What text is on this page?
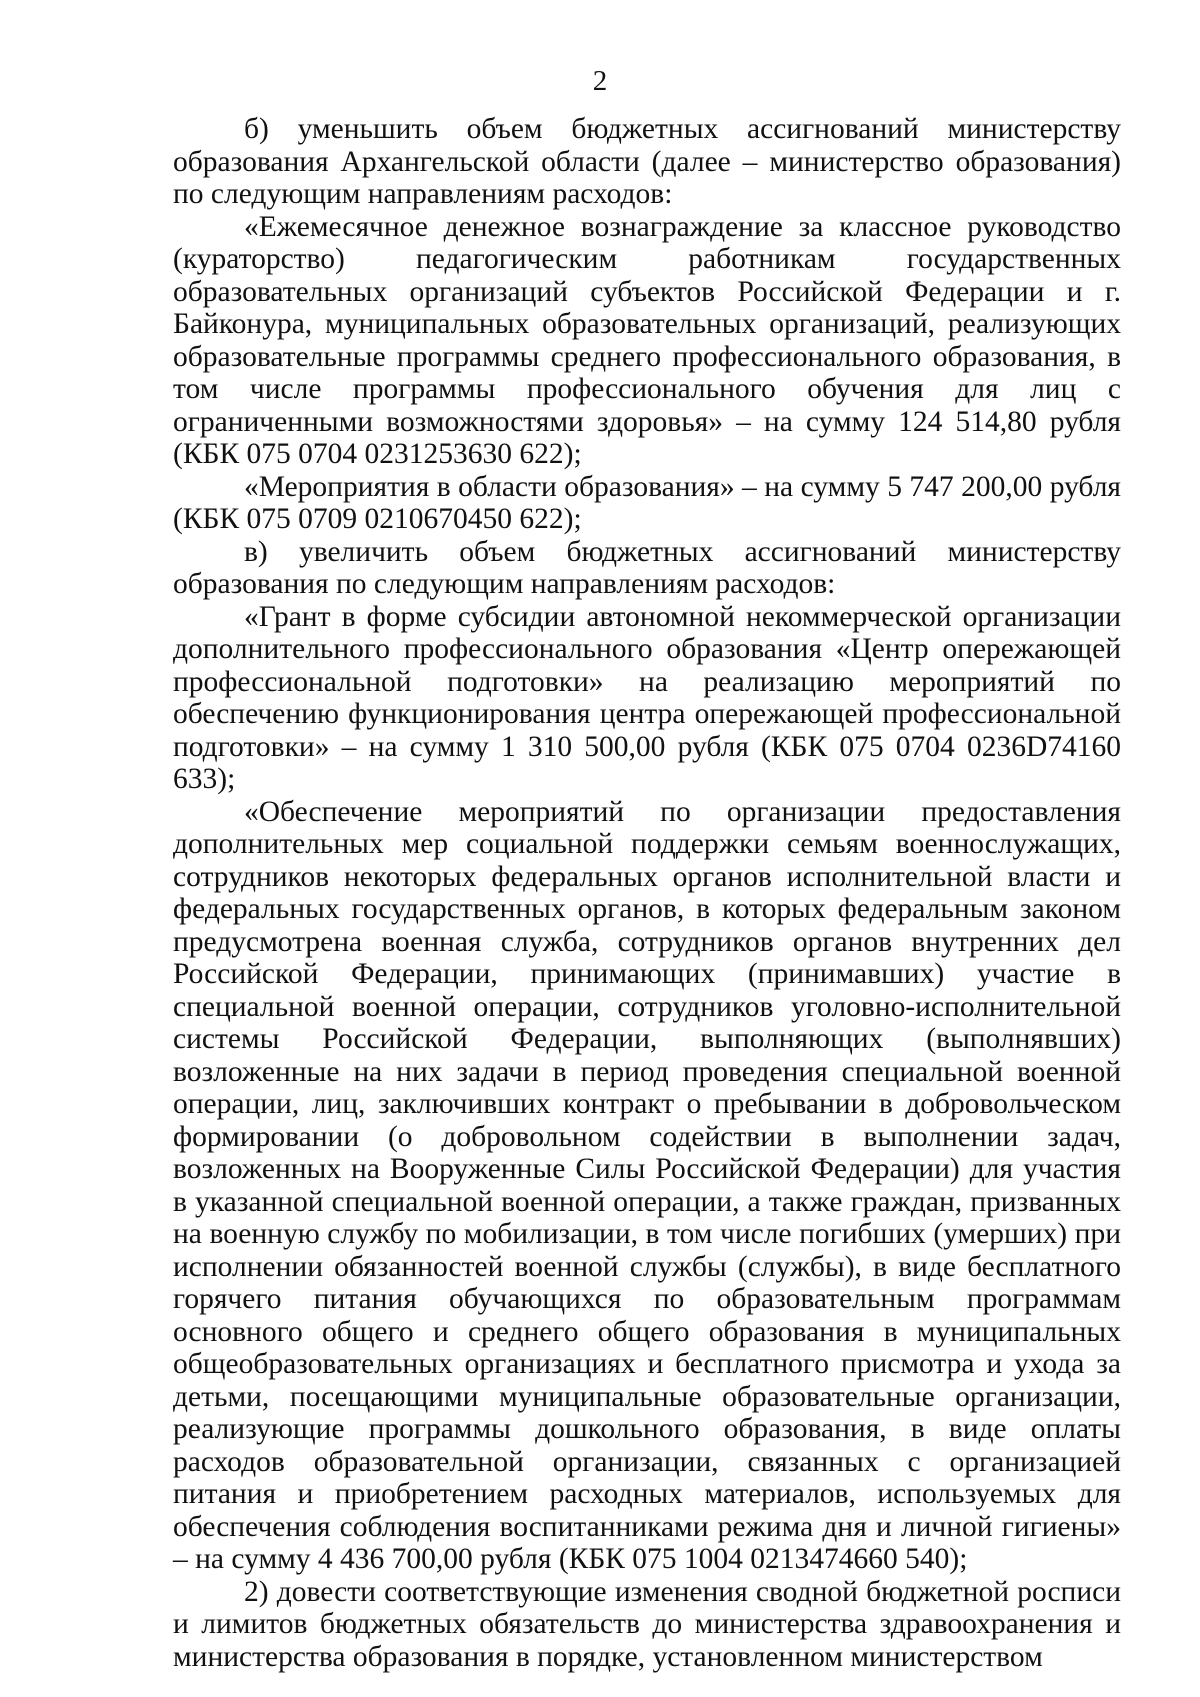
2

б) уменьшить объем бюджетных ассигнований министерству образования Архангельской области (далее – министерство образования) по следующим направлениям расходов:

«Ежемесячное денежное вознаграждение за классное руководство (кураторство) педагогическим работникам государственных образовательных организаций субъектов Российской Федерации и г. Байконура, муниципальных образовательных организаций, реализующих образовательные программы среднего профессионального образования, в том числе программы профессионального обучения для лиц с ограниченными возможностями здоровья» – на сумму 124 514,80 рубля (КБК 075 0704 0231253630 622);

«Мероприятия в области образования» – на сумму 5 747 200,00 рубля (КБК 075 0709 0210670450 622);

в) увеличить объем бюджетных ассигнований министерству образования по следующим направлениям расходов:

«Грант в форме субсидии автономной некоммерческой организации дополнительного профессионального образования «Центр опережающей профессиональной подготовки» на реализацию мероприятий по обеспечению функционирования центра опережающей профессиональной подготовки» – на сумму 1 310 500,00 рубля (КБК 075 0704 0236D74160 633);

«Обеспечение мероприятий по организации предоставления дополнительных мер социальной поддержки семьям военнослужащих, сотрудников некоторых федеральных органов исполнительной власти и федеральных государственных органов, в которых федеральным законом предусмотрена военная служба, сотрудников органов внутренних дел Российской Федерации, принимающих (принимавших) участие в специальной военной операции, сотрудников уголовно-исполнительной системы Российской Федерации, выполняющих (выполнявших) возложенные на них задачи в период проведения специальной военной операции, лиц, заключивших контракт о пребывании в добровольческом формировании (о добровольном содействии в выполнении задач, возложенных на Вооруженные Силы Российской Федерации) для участия в указанной специальной военной операции, а также граждан, призванных на военную службу по мобилизации, в том числе погибших (умерших) при исполнении обязанностей военной службы (службы), в виде бесплатного горячего питания обучающихся по образовательным программам основного общего и среднего общего образования в муниципальных общеобразовательных организациях и бесплатного присмотра и ухода за детьми, посещающими муниципальные образовательные организации, реализующие программы дошкольного образования, в виде оплаты расходов образовательной организации, связанных с организацией питания и приобретением расходных материалов, используемых для обеспечения соблюдения воспитанниками режима дня и личной гигиены» – на сумму 4 436 700,00 рубля (КБК 075 1004 0213474660 540);

2) довести соответствующие изменения сводной бюджетной росписи и лимитов бюджетных обязательств до министерства здравоохранения и министерства образования в порядке, установленном министерством
